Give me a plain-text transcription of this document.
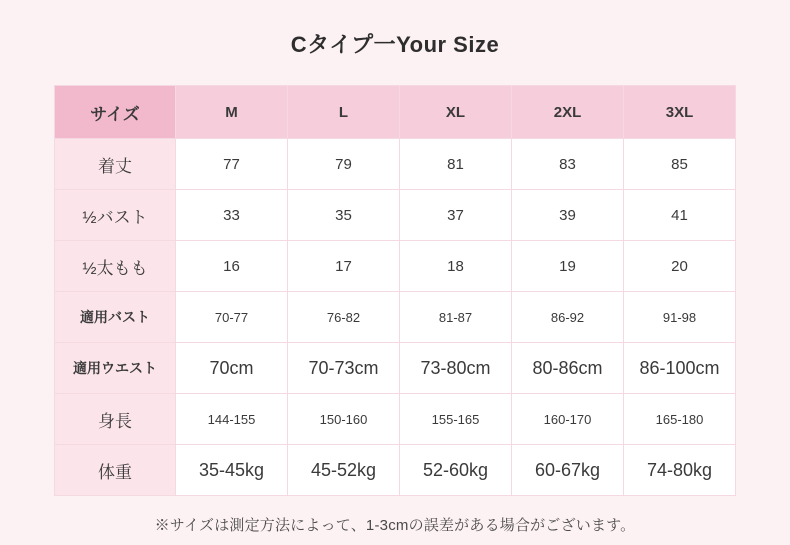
Cタイプ一Your Size
サイズ	M	L	XL	2XL	3XL
着丈	77	79	81	83	85
½バスト	33	35	37	39	41
½太もも	16	17	18	19	20
適用バスト	70-77	76-82	81-87	86-92	91-98
適用ウエスト	70cm	70-73cm	73-80cm	80-86cm	86-100cm
身長	144-155	150-160	155-165	160-170	165-180
体重	35-45kg	45-52kg	52-60kg	60-67kg	74-80kg
※サイズは測定方法によって、1-3cmの誤差がある場合がございます。
